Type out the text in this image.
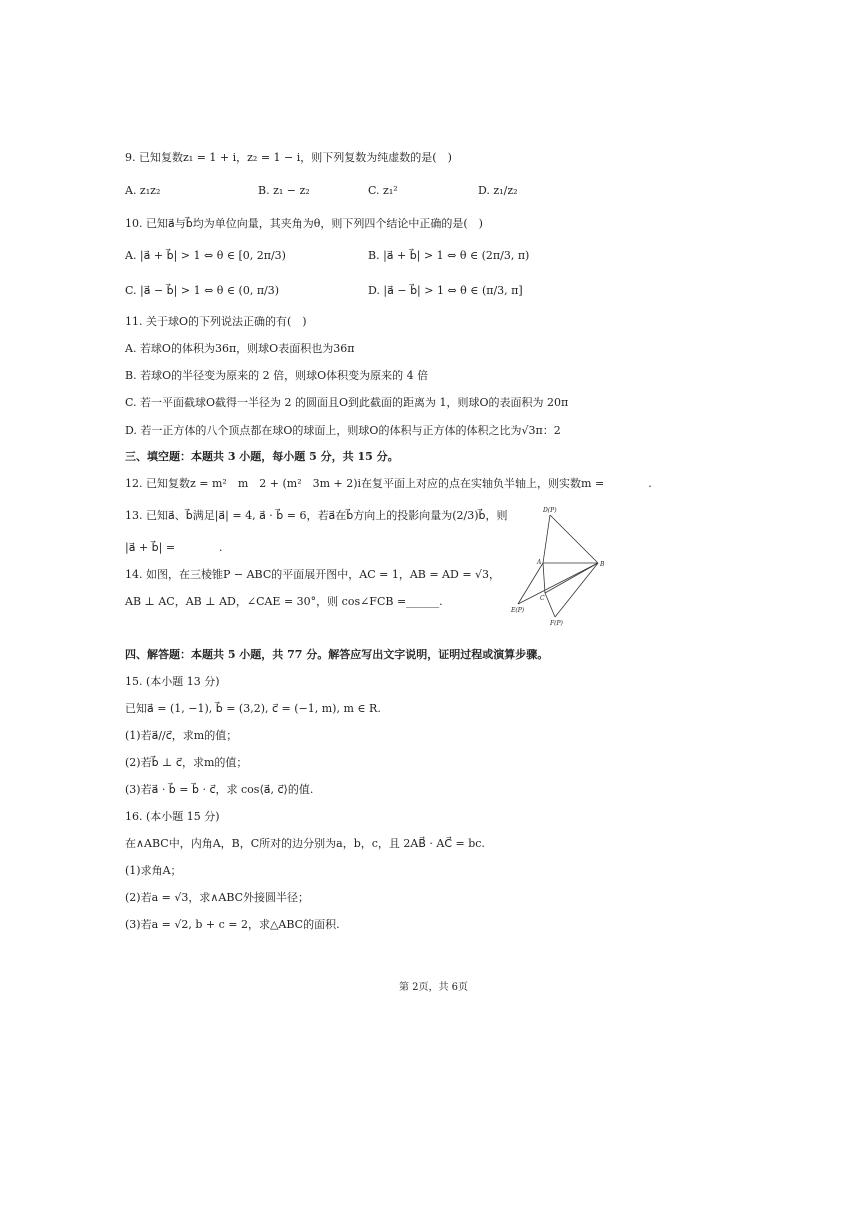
9. 已知复数z₁ = 1 + i，z₂ = 1 − i，则下列复数为纯虚数的是(　)
A. z₁z₂	B. z₁ − z₂	C. z₁²	D. z₁/z₂
10. 已知a⃗与b⃗均为单位向量，其夹角为θ，则下列四个结论中正确的是(　)
A. |a⃗ + b⃗| > 1 ⇔ θ ∈ [0, 2π/3)	B. |a⃗ + b⃗| > 1 ⇔ θ ∈ (2π/3, π)
C. |a⃗ − b⃗| > 1 ⇔ θ ∈ (0, π/3)	D. |a⃗ − b⃗| > 1 ⇔ θ ∈ (π/3, π]
11. 关于球O的下列说法正确的有(　)
A. 若球O的体积为36π，则球O表面积也为36π
B. 若球O的半径变为原来的 2 倍，则球O体积变为原来的 4 倍
C. 若一平面截球O截得一半径为 2 的圆面且O到此截面的距离为 1，则球O的表面积为 20π
D. 若一正方体的八个顶点都在球O的球面上，则球O的体积与正方体的体积之比为√3π：2
三、填空题：本题共 3 小题，每小题 5 分，共 15 分。
12. 已知复数z = m²　m　2 + (m²　3m + 2)i在复平面上对应的点在实轴负半轴上，则实数m =　　　　.
13. 已知a⃗、b⃗满足|a⃗| = 4, a⃗ · b⃗ = 6，若a⃗在b⃗方向上的投影向量为(2/3)b⃗，则
|a⃗ + b⃗| =　　　　.
14. 如图，在三棱锥P − ABC的平面展开图中，AC = 1，AB = AD = √3，
AB ⊥ AC，AB ⊥ AD，∠CAE = 30°，则 cos∠FCB =______.
D(P)
A	B
C
E(P)
F(P)
四、解答题：本题共 5 小题，共 77 分。解答应写出文字说明，证明过程或演算步骤。
15. (本小题 13 分)
已知a⃗ = (1, −1), b⃗ = (3,2), c⃗ = (−1, m), m ∈ R.
(1)若a⃗//c⃗，求m的值；
(2)若b⃗ ⊥ c⃗，求m的值；
(3)若a⃗ · b⃗ = b⃗ · c⃗，求 cos⟨a⃗, c⃗⟩的值.
16. (本小题 15 分)
在∧ABC中，内角A，B，C所对的边分别为a，b，c，且 2AB⃗ · AC⃗ = bc.
(1)求角A；
(2)若a = √3，求∧ABC外接圆半径；
(3)若a = √2, b + c = 2，求△ABC的面积.
第 2页，共 6页
